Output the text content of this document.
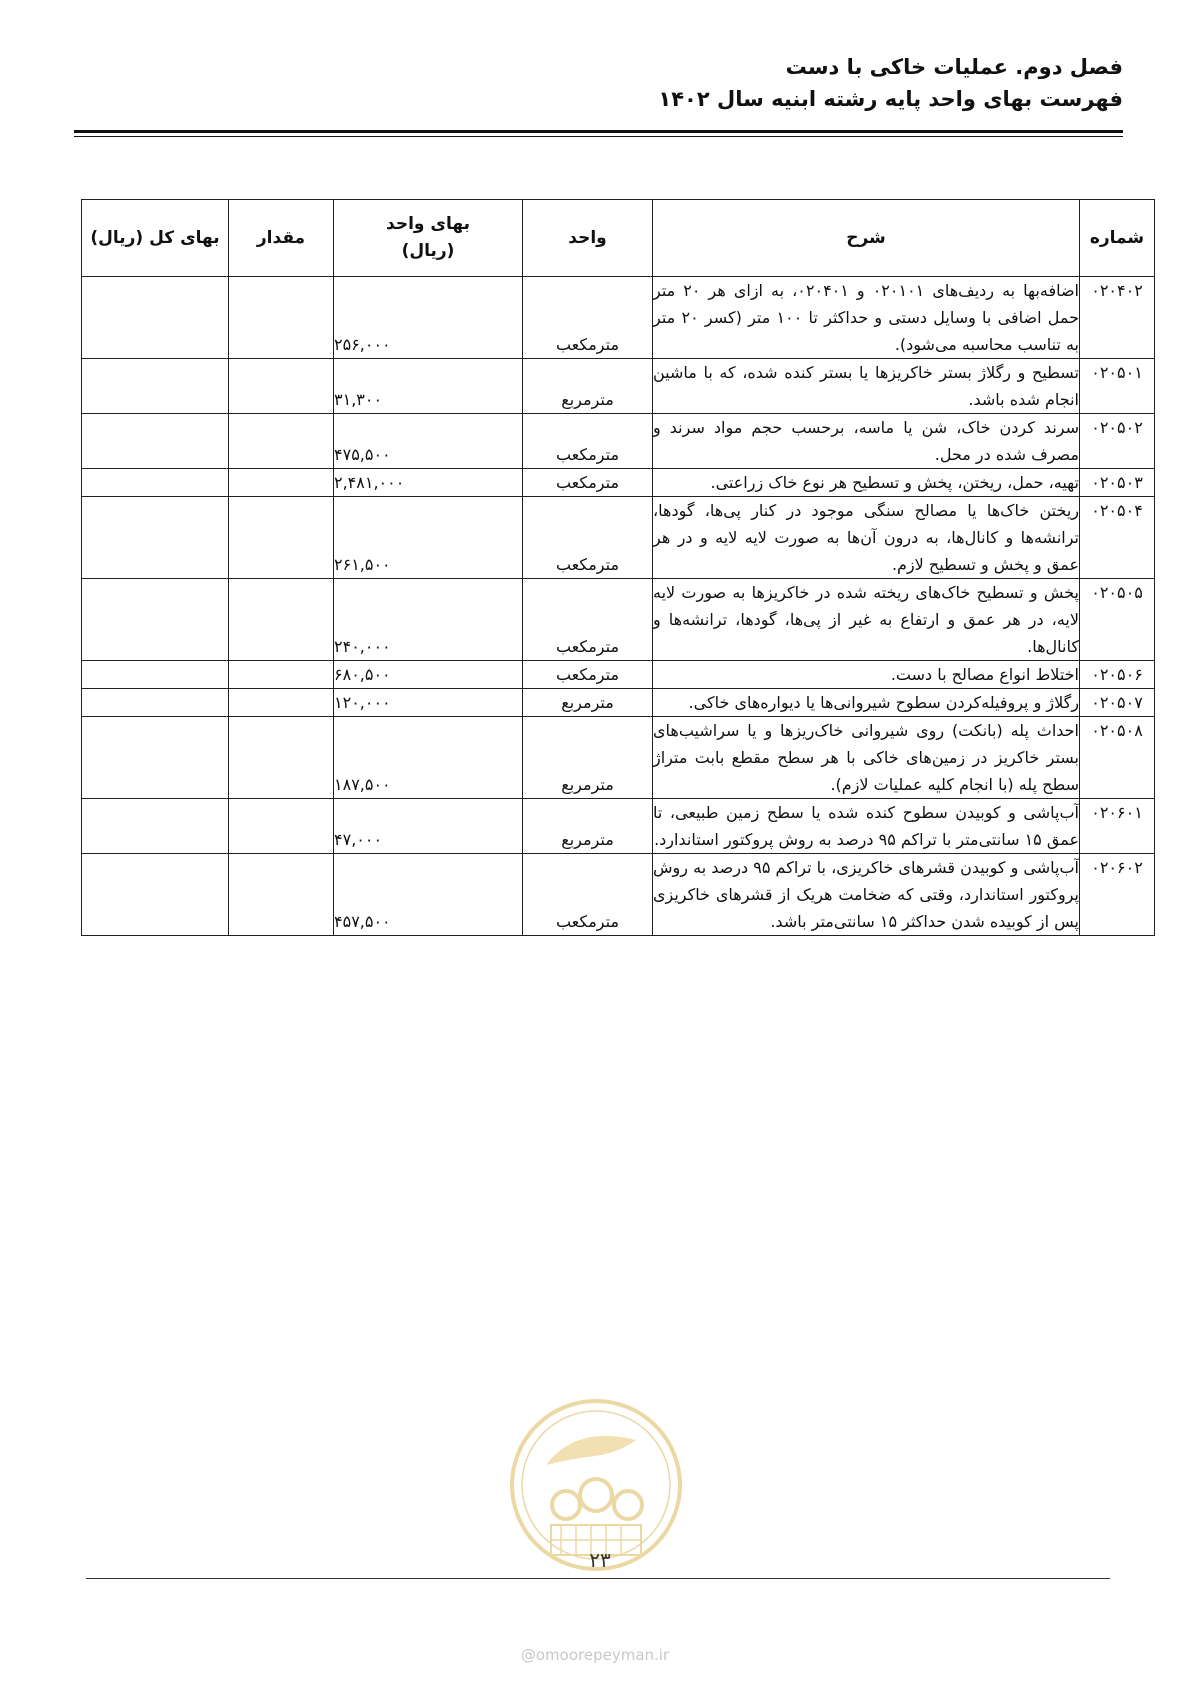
فصل دوم. عملیات خاکی با دست
فهرست بهای واحد پایه رشته ابنیه سال ۱۴۰۲
شماره	شرح	واحد	بهای واحد (ریال)	مقدار	بهای کل (ریال)
۰۲۰۴۰۲	اضافه‌بها به ردیف‌های ۰۲۰۱۰۱ و ۰۲۰۴۰۱، به ازای هر ۲۰ متر حمل اضافی با وسایل دستی و حداکثر تا ۱۰۰ متر (کسر ۲۰ متر به تناسب محاسبه می‌شود).	مترمکعب	۲۵۶,۰۰۰		
۰۲۰۵۰۱	تسطیح و رگلاژ بستر خاکریزها یا بستر کنده شده، که با ماشین انجام شده باشد.	مترمربع	۳۱,۳۰۰		
۰۲۰۵۰۲	سرند کردن خاک، شن یا ماسه، برحسب حجم مواد سرند و مصرف شده در محل.	مترمکعب	۴۷۵,۵۰۰		
۰۲۰۵۰۳	تهیه، حمل، ریختن، پخش و تسطیح هر نوع خاک زراعتی.	مترمکعب	۲,۴۸۱,۰۰۰		
۰۲۰۵۰۴	ریختن خاک‌ها یا مصالح سنگی موجود در کنار پی‌ها، گودها، ترانشه‌ها و کانال‌ها، به درون آن‌ها به صورت لایه لایه و در هر عمق و پخش و تسطیح لازم.	مترمکعب	۲۶۱,۵۰۰		
۰۲۰۵۰۵	پخش و تسطیح خاک‌های ریخته شده در خاکریزها به صورت لایه لایه، در هر عمق و ارتفاع به غیر از پی‌ها، گودها، ترانشه‌ها و کانال‌ها.	مترمکعب	۲۴۰,۰۰۰		
۰۲۰۵۰۶	اختلاط انواع مصالح با دست.	مترمکعب	۶۸۰,۵۰۰		
۰۲۰۵۰۷	رگلاژ و پروفیله‌کردن سطوح شیروانی‌ها یا دیواره‌های خاکی.	مترمربع	۱۲۰,۰۰۰		
۰۲۰۵۰۸	احداث پله (بانکت) روی شیروانی خاک‌ریزها و یا سراشیب‌های بستر خاکریز در زمین‌های خاکی با هر سطح مقطع بابت متراژ سطح پله (با انجام کلیه عملیات لازم).	مترمربع	۱۸۷,۵۰۰		
۰۲۰۶۰۱	آب‌پاشی و کوبیدن سطوح کنده شده یا سطح زمین طبیعی، تا عمق ۱۵ سانتی‌متر با تراکم ۹۵ درصد به روش پروکتور استاندارد.	مترمربع	۴۷,۰۰۰		
۰۲۰۶۰۲	آب‌پاشی و کوبیدن قشرهای خاکریزی، با تراکم ۹۵ درصد به روش پروکتور استاندارد، وقتی که ضخامت هریک از قشرهای خاکریزی پس از کوبیده شدن حداکثر ۱۵ سانتی‌متر باشد.	مترمکعب	۴۵۷,۵۰۰		
۲۳
@omoorepeyman.ir
